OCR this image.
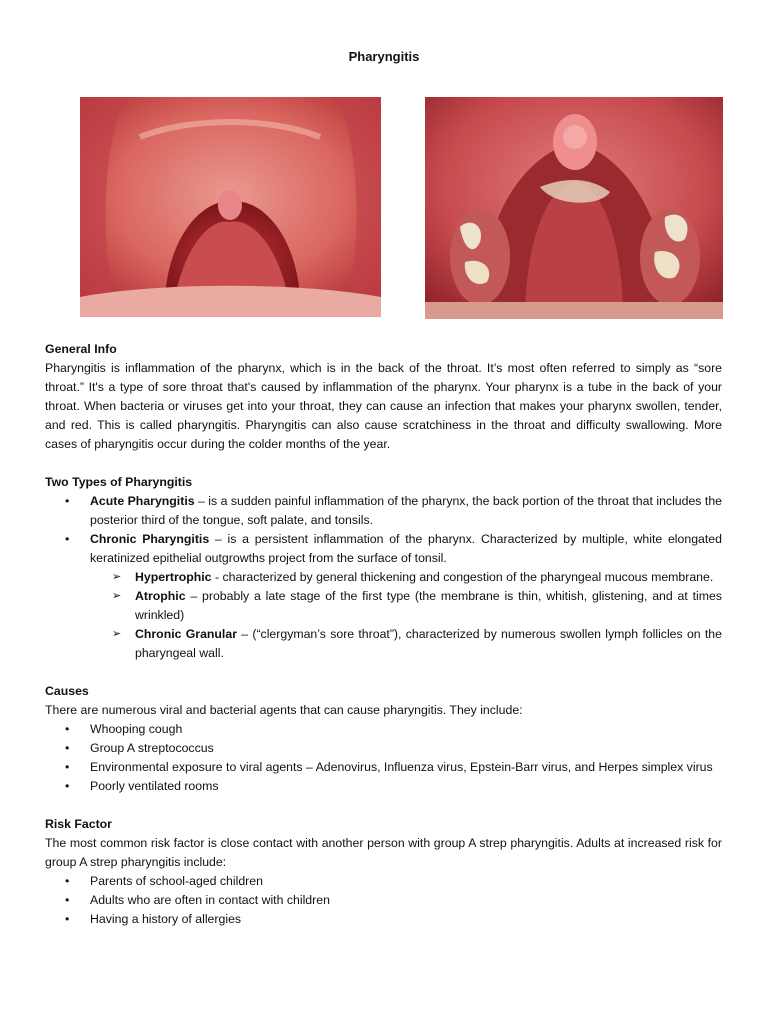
Pharyngitis
General Info
Pharyngitis is inflammation of the pharynx, which is in the back of the throat. It’s most often referred to simply as “sore throat.” It's a type of sore throat that's caused by inflammation of the pharynx. Your pharynx is a tube in the back of your throat. When bacteria or viruses get into your throat, they can cause an infection that makes your pharynx swollen, tender, and red. This is called pharyngitis. Pharyngitis can also cause scratchiness in the throat and difficulty swallowing. More cases of pharyngitis occur during the colder months of the year.
Two Types of Pharyngitis
• Acute Pharyngitis – is a sudden painful inflammation of the pharynx, the back portion of the throat that includes the posterior third of the tongue, soft palate, and tonsils.
• Chronic Pharyngitis – is a persistent inflammation of the pharynx. Characterized by multiple, white elongated keratinized epithelial outgrowths project from the surface of tonsil.
➢ Hypertrophic - characterized by general thickening and congestion of the pharyngeal mucous membrane.
➢ Atrophic – probably a late stage of the first type (the membrane is thin, whitish, glistening, and at times wrinkled)
➢ Chronic Granular – (“clergyman’s sore throat”), characterized by numerous swollen lymph follicles on the pharyngeal wall.
Causes
There are numerous viral and bacterial agents that can cause pharyngitis. They include:
• Whooping cough
• Group A streptococcus
• Environmental exposure to viral agents – Adenovirus, Influenza virus, Epstein-Barr virus, and Herpes simplex virus
• Poorly ventilated rooms
Risk Factor
The most common risk factor is close contact with another person with group A strep pharyngitis. Adults at increased risk for group A strep pharyngitis include:
• Parents of school-aged children
• Adults who are often in contact with children
• Having a history of allergies
